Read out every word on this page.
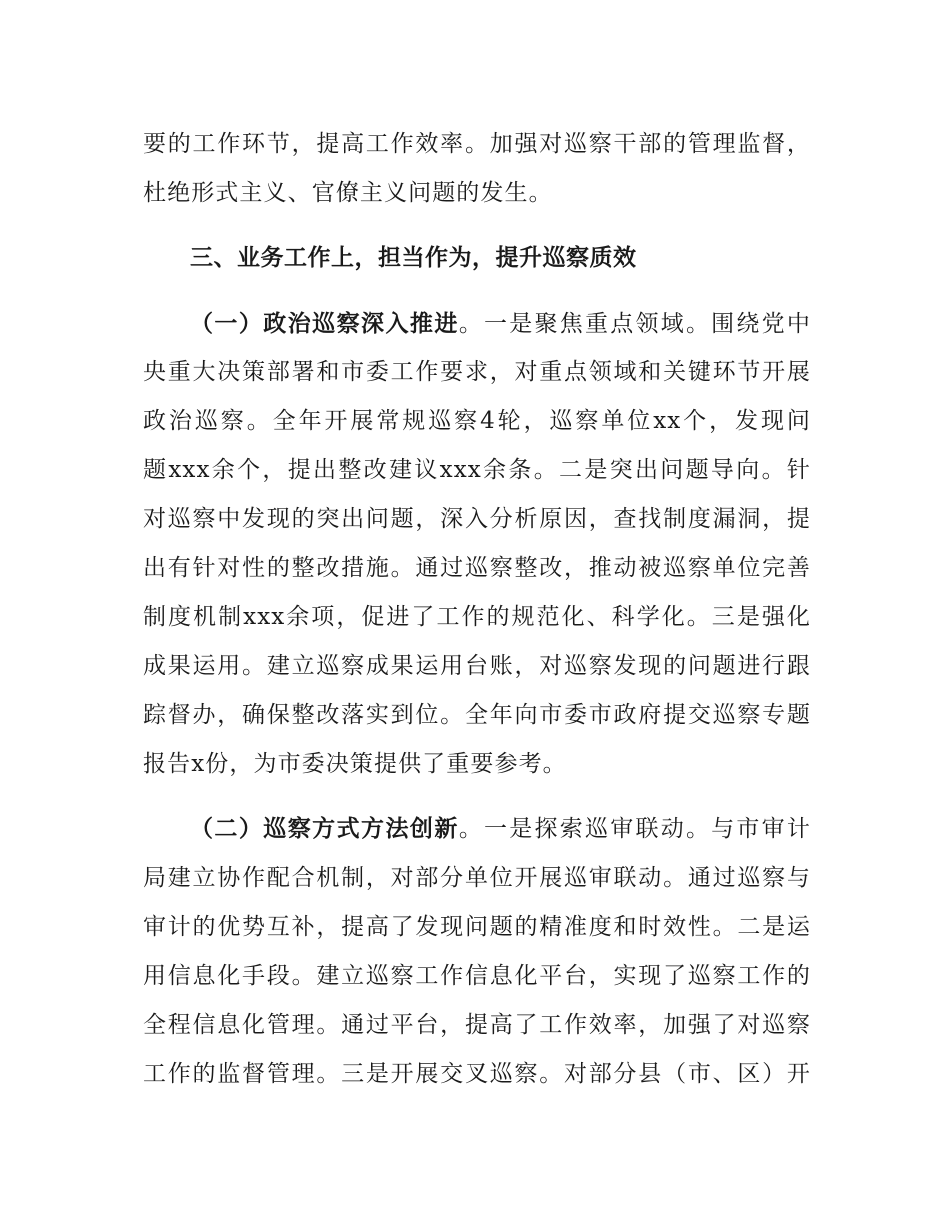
要的工作环节，提高工作效率。加强对巡察干部的管理监督，
杜绝形式主义、官僚主义问题的发生。
三、业务工作上，担当作为，提升巡察质效
（一）政治巡察深入推进。一是聚焦重点领域。围绕党中
央重大决策部署和市委工作要求，对重点领域和关键环节开展
政治巡察。全年开展常规巡察4轮，巡察单位xx个，发现问
题xxx余个，提出整改建议xxx余条。二是突出问题导向。针
对巡察中发现的突出问题，深入分析原因，查找制度漏洞，提
出有针对性的整改措施。通过巡察整改，推动被巡察单位完善
制度机制xxx余项，促进了工作的规范化、科学化。三是强化
成果运用。建立巡察成果运用台账，对巡察发现的问题进行跟
踪督办，确保整改落实到位。全年向市委市政府提交巡察专题
报告x份，为市委决策提供了重要参考。
（二）巡察方式方法创新。一是探索巡审联动。与市审计
局建立协作配合机制，对部分单位开展巡审联动。通过巡察与
审计的优势互补，提高了发现问题的精准度和时效性。二是运
用信息化手段。建立巡察工作信息化平台，实现了巡察工作的
全程信息化管理。通过平台，提高了工作效率，加强了对巡察
工作的监督管理。三是开展交叉巡察。对部分县（市、区）开
